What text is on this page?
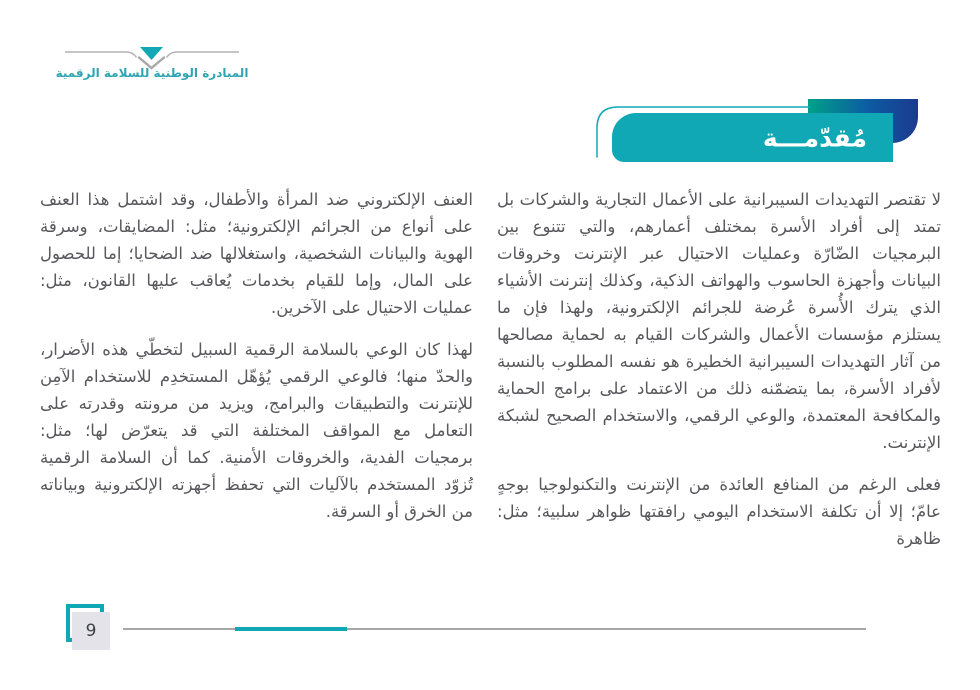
المبادرة الوطنية للسلامة الرقمية
مُقدّمـــة

لا تقتصر التهديدات السيبرانية على الأعمال التجارية والشركات بل تمتد إلى أفراد الأسرة بمختلف أعمارهم، والتي تتنوع بين البرمجيات الضّارّة وعمليات الاحتيال عبر الإنترنت وخروقات البيانات وأجهزة الحاسوب والهواتف الذكية، وكذلك إنترنت الأشياء الذي يترك الأُسرة عُرضة للجرائم الإلكترونية، ولهذا فإن ما يستلزم مؤسسات الأعمال والشركات القيام به لحماية مصالحها من آثار التهديدات السيبرانية الخطيرة هو نفسه المطلوب بالنسبة لأفراد الأسرة، بما يتضمّنه ذلك من الاعتماد على برامج الحماية والمكافحة المعتمدة، والوعي الرقمي، والاستخدام الصحيح لشبكة الإنترنت.

فعلى الرغم من المنافع العائدة من الإنترنت والتكنولوجيا بوجهٍ عامّ؛ إلا أن تكلفة الاستخدام اليومي رافقتها ظواهر سلبية؛ مثل: ظاهرة

العنف الإلكتروني ضد المرأة والأطفال، وقد اشتمل هذا العنف على أنواع من الجرائم الإلكترونية؛ مثل: المضايقات، وسرقة الهوية والبيانات الشخصية، واستغلالها ضد الضحايا؛ إما للحصول على المال، وإما للقيام بخدمات يُعاقب عليها القانون، مثل: عمليات الاحتيال على الآخرين.

لهذا كان الوعي بالسلامة الرقمية السبيل لتخطّي هذه الأضرار، والحدّ منها؛ فالوعي الرقمي يُؤهّل المستخدِم للاستخدام الآمِن للإنترنت والتطبيقات والبرامج، ويزيد من مرونته وقدرته على التعامل مع المواقف المختلفة التي قد يتعرّض لها؛ مثل: برمجيات الفدية، والخروقات الأمنية. كما أن السلامة الرقمية تُزوّد المستخدم بالآليات التي تحفظ أجهزته الإلكترونية وبياناته من الخرق أو السرقة.

9
